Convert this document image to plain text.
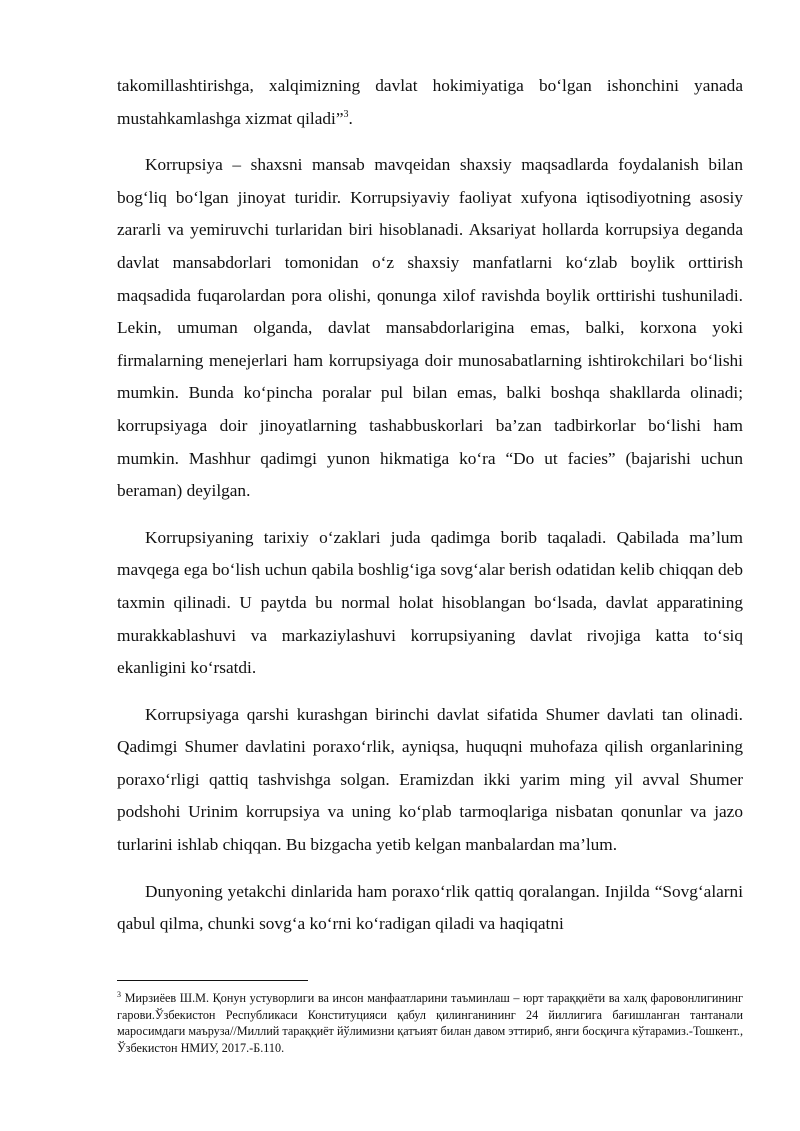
takomillashtirishga, xalqimizning davlat hokimiyatiga bo‘lgan ishonchini yanada mustahkamlashga xizmat qiladi”$^3$.

Korrupsiya – shaxsni mansab mavqeidan shaxsiy maqsadlarda foydalanish bilan bog‘liq bo‘lgan jinoyat turidir. Korrupsiyaviy faoliyat xufyona iqtisodiyotning asosiy zararli va yemiruvchi turlaridan biri hisoblanadi. Aksariyat hollarda korrupsiya deganda davlat mansabdorlari tomonidan o‘z shaxsiy manfatlarni ko‘zlab boylik orttirish maqsadida fuqarolardan pora olishi, qonunga xilof ravishda boylik orttirishi tushuniladi. Lekin, umuman olganda, davlat mansabdorlarigina emas, balki, korxona yoki firmalarning menejerlari ham korrupsiyaga doir munosabatlarning ishtirokchilari bo‘lishi mumkin. Bunda ko‘pincha poralar pul bilan emas, balki boshqa shakllarda olinadi; korrupsiyaga doir jinoyatlarning tashabbuskorlari ba’zan tadbirkorlar bo‘lishi ham mumkin. Mashhur qadimgi yunon hikmatiga ko‘ra “Do ut facies” (bajarishi uchun beraman) deyilgan.

Korrupsiyaning tarixiy o‘zaklari juda qadimga borib taqaladi. Qabilada ma’lum mavqega ega bo‘lish uchun qabila boshlig‘iga sovg‘alar berish odatidan kelib chiqqan deb taxmin qilinadi. U paytda bu normal holat hisoblangan bo‘lsada, davlat apparatining murakkablashuvi va markaziylashuvi korrupsiyaning davlat rivojiga katta to‘siq ekanligini ko‘rsatdi.

Korrupsiyaga qarshi kurashgan birinchi davlat sifatida Shumer davlati tan olinadi. Qadimgi Shumer davlatini poraxo‘rlik, ayniqsa, huquqni muhofaza qilish organlarining poraxo‘rligi qattiq tashvishga solgan. Eramizdan ikki yarim ming yil avval Shumer podshohi Urinim korrupsiya va uning ko‘plab tarmoqlariga nisbatan qonunlar va jazo turlarini ishlab chiqqan. Bu bizgacha yetib kelgan manbalardan ma’lum.

Dunyoning yetakchi dinlarida ham poraxo‘rlik qattiq qoralangan. Injilda “Sovg‘alarni qabul qilma, chunki sovg‘a ko‘rni ko‘radigan qiladi va haqiqatni

$^3$ Мирзиёев Ш.М. Қонун устуворлиги ва инсон манфаатларини таъминлаш – юрт тараққиёти ва халқ фаровонлигининг гарови.Ўзбекистон Республикаси Конституцияси қабул қилинганининг 24 йиллигига бағишланган тантанали маросимдаги маъруза//Миллий тараққиёт йўлимизни қатъият билан давом эттириб, янги босқичга кўтарамиз.-Тошкент., Ўзбекистон НМИУ, 2017.-Б.110.
